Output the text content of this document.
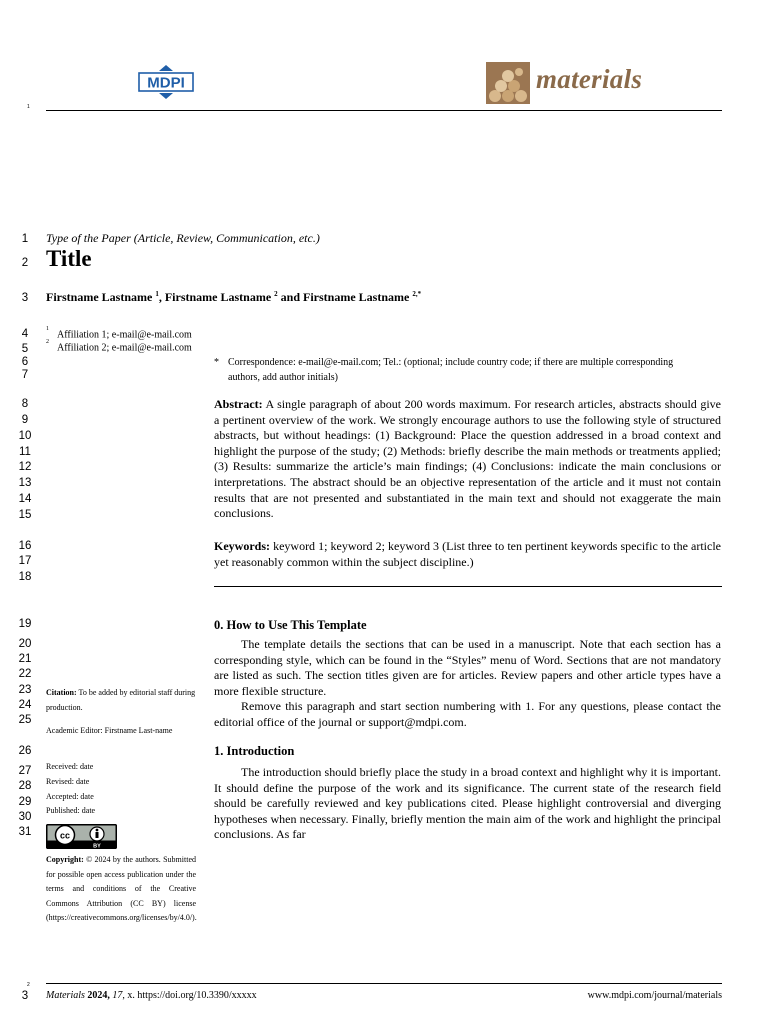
1
MDPI	materials
1
2
3
4
5
6
7
8
9
10
11
12
13
14
15
16
17
18
19
20
21
22
23
24
25
26
27
28
29
30
31
Type of the Paper (Article, Review, Communication, etc.)
Title
Firstname Lastname $^1$, Firstname Lastname $^2$ and Firstname Lastname $^{2,*}$
$^1$Affiliation 1; e-mail@e-mail.com
$^2$Affiliation 2; e-mail@e-mail.com
* Correspondence: e-mail@e-mail.com; Tel.: (optional; include country code; if there are multiple corresponding authors, add author initials)
Abstract: A single paragraph of about 200 words maximum. For research articles, abstracts should give a pertinent overview of the work. We strongly encourage authors to use the following style of structured abstracts, but without headings: (1) Background: Place the question addressed in a broad context and highlight the purpose of the study; (2) Methods: briefly describe the main methods or treatments applied; (3) Results: summarize the article’s main findings; (4) Conclusions: indicate the main conclusions or interpretations. The abstract should be an objective representation of the article and it must not contain results that are not presented and substantiated in the main text and should not exaggerate the main conclusions.
Keywords: keyword 1; keyword 2; keyword 3 (List three to ten pertinent keywords specific to the article yet reasonably common within the subject discipline.)
0. How to Use This Template
The template details the sections that can be used in a manuscript. Note that each section has a corresponding style, which can be found in the “Styles” menu of Word. Sections that are not mandatory are listed as such. The section titles given are for articles. Review papers and other article types have a more flexible structure.
Remove this paragraph and start section numbering with 1. For any questions, please contact the editorial office of the journal or support@mdpi.com.
1. Introduction
The introduction should briefly place the study in a broad context and highlight why it is important. It should define the purpose of the work and its significance. The current state of the research field should be carefully reviewed and key publications cited. Please highlight controversial and diverging hypotheses when necessary. Finally, briefly mention the main aim of the work and highlight the principal conclusions. As far
Citation: To be added by editorial staff during production.
Academic Editor: Firstname Last-name
Received: date
Revised: date
Accepted: date
Published: date
cc
BY
Copyright: © 2024 by the authors. Submitted for possible open access publication under the terms and conditions of the Creative Commons Attribution (CC BY) license (https://creativecommons.org/licenses/by/4.0/).
2
3	Materials 2024, 17, x. https://doi.org/10.3390/xxxxx	www.mdpi.com/journal/materials
